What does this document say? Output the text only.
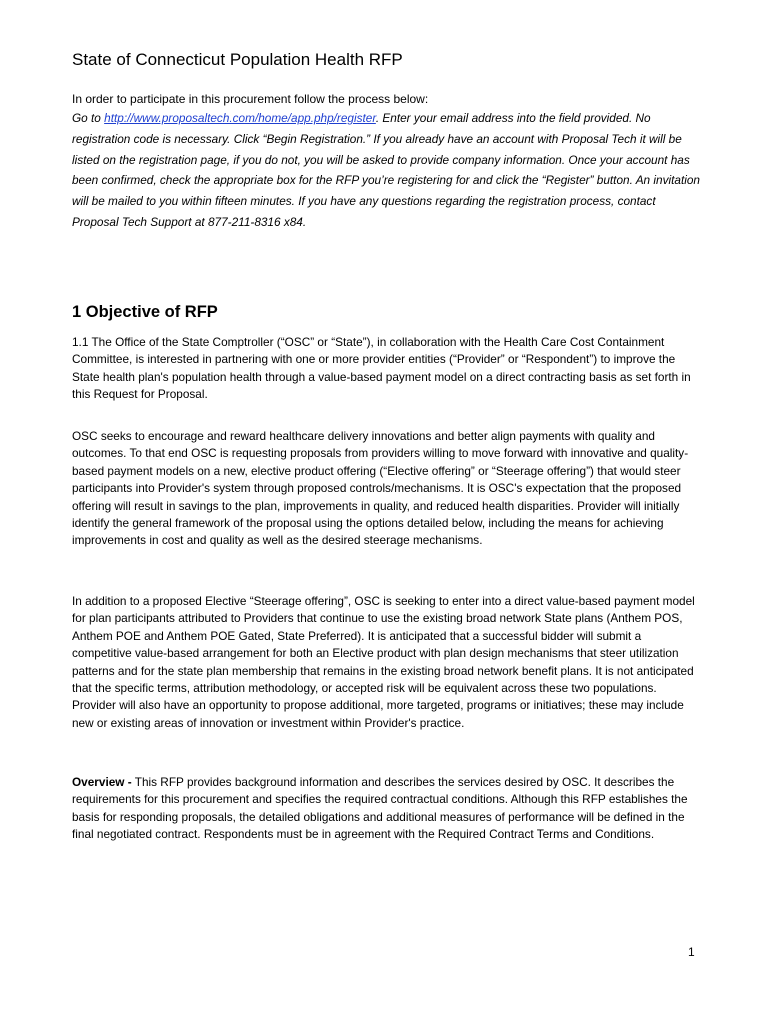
State of Connecticut Population Health RFP

In order to participate in this procurement follow the process below:

Go to http://www.proposaltech.com/home/app.php/register. Enter your email address into the field provided. No registration code is necessary. Click “Begin Registration.” If you already have an account with Proposal Tech it will be listed on the registration page, if you do not, you will be asked to provide company information. Once your account has been confirmed, check the appropriate box for the RFP you’re registering for and click the “Register” button. An invitation will be mailed to you within fifteen minutes. If you have any questions regarding the registration process, contact Proposal Tech Support at 877-211-8316 x84.

1 Objective of RFP

1.1 The Office of the State Comptroller (“OSC” or “State”), in collaboration with the Health Care Cost Containment Committee, is interested in partnering with one or more provider entities (“Provider” or “Respondent”) to improve the State health plan's population health through a value-based payment model on a direct contracting basis as set forth in this Request for Proposal.

OSC seeks to encourage and reward healthcare delivery innovations and better align payments with quality and outcomes. To that end OSC is requesting proposals from providers willing to move forward with innovative and quality-based payment models on a new, elective product offering (“Elective offering” or “Steerage offering”) that would steer participants into Provider's system through proposed controls/mechanisms. It is OSC's expectation that the proposed offering will result in savings to the plan, improvements in quality, and reduced health disparities. Provider will initially identify the general framework of the proposal using the options detailed below, including the means for achieving improvements in cost and quality as well as the desired steerage mechanisms.

In addition to a proposed Elective “Steerage offering”, OSC is seeking to enter into a direct value-based payment model for plan participants attributed to Providers that continue to use the existing broad network State plans (Anthem POS, Anthem POE and Anthem POE Gated, State Preferred). It is anticipated that a successful bidder will submit a competitive value-based arrangement for both an Elective product with plan design mechanisms that steer utilization patterns and for the state plan membership that remains in the existing broad network benefit plans. It is not anticipated that the specific terms, attribution methodology, or accepted risk will be equivalent across these two populations. Provider will also have an opportunity to propose additional, more targeted, programs or initiatives; these may include new or existing areas of innovation or investment within Provider's practice.

Overview - This RFP provides background information and describes the services desired by OSC. It describes the requirements for this procurement and specifies the required contractual conditions. Although this RFP establishes the basis for responding proposals, the detailed obligations and additional measures of performance will be defined in the final negotiated contract. Respondents must be in agreement with the Required Contract Terms and Conditions.

1
